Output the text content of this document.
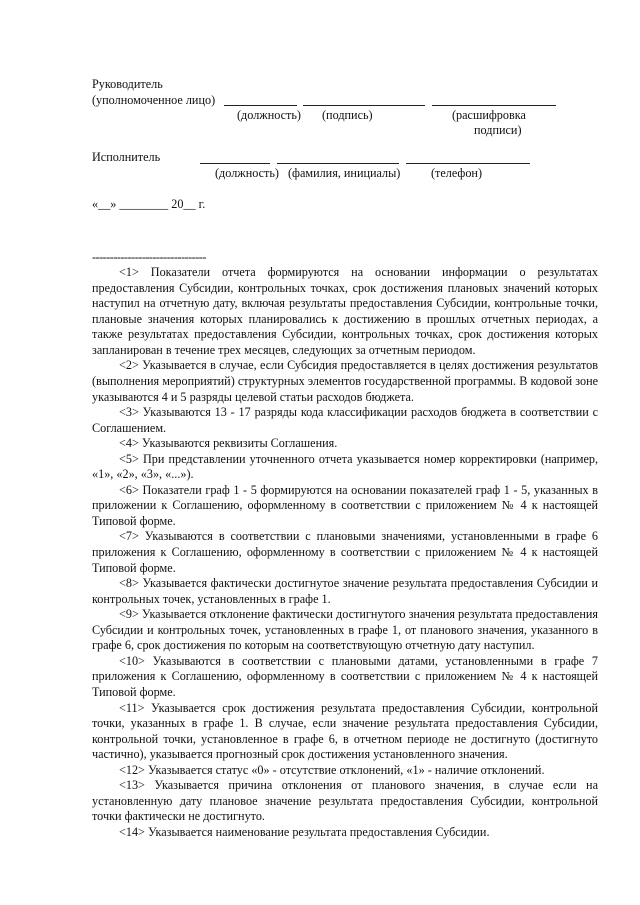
Руководитель
(уполномоченное лицо)
(должность) (подпись)	(расшифровка
подписи)
Исполнитель
(должность) (фамилия, инициалы)	(телефон)
«__» ________ 20__ г.

--------------------------------

<1> Показатели отчета формируются на основании информации о результатах предоставления Субсидии, контрольных точках, срок достижения плановых значений которых наступил на отчетную дату, включая результаты предоставления Субсидии, контрольные точки, плановые значения которых планировались к достижению в прошлых отчетных периодах, а также результатах предоставления Субсидии, контрольных точках, срок достижения которых запланирован в течение трех месяцев, следующих за отчетным периодом.

<2> Указывается в случае, если Субсидия предоставляется в целях достижения результатов (выполнения мероприятий) структурных элементов государственной программы. В кодовой зоне указываются 4 и 5 разряды целевой статьи расходов бюджета.

<3> Указываются 13 - 17 разряды кода классификации расходов бюджета в соответствии с Соглашением.

<4> Указываются реквизиты Соглашения.

<5> При представлении уточненного отчета указывается номер корректировки (например, «1», «2», «3», «...»).

<6> Показатели граф 1 - 5 формируются на основании показателей граф 1 - 5, указанных в приложении к Соглашению, оформленному в соответствии с приложением № 4 к настоящей Типовой форме.

<7> Указываются в соответствии с плановыми значениями, установленными в графе 6 приложения к Соглашению, оформленному в соответствии с приложением № 4 к настоящей Типовой форме.

<8> Указывается фактически достигнутое значение результата предоставления Субсидии и контрольных точек, установленных в графе 1.

<9> Указывается отклонение фактически достигнутого значения результата предоставления Субсидии и контрольных точек, установленных в графе 1, от планового значения, указанного в графе 6, срок достижения по которым на соответствующую отчетную дату наступил.

<10> Указываются в соответствии с плановыми датами, установленными в графе 7 приложения к Соглашению, оформленному в соответствии с приложением № 4 к настоящей Типовой форме.

<11> Указывается срок достижения результата предоставления Субсидии, контрольной точки, указанных в графе 1. В случае, если значение результата предоставления Субсидии, контрольной точки, установленное в графе 6, в отчетном периоде не достигнуто (достигнуто частично), указывается прогнозный срок достижения установленного значения.

<12> Указывается статус «0» - отсутствие отклонений, «1» - наличие отклонений.

<13> Указывается причина отклонения от планового значения, в случае если на установленную дату плановое значение результата предоставления Субсидии, контрольной точки фактически не достигнуто.

<14> Указывается наименование результата предоставления Субсидии.
